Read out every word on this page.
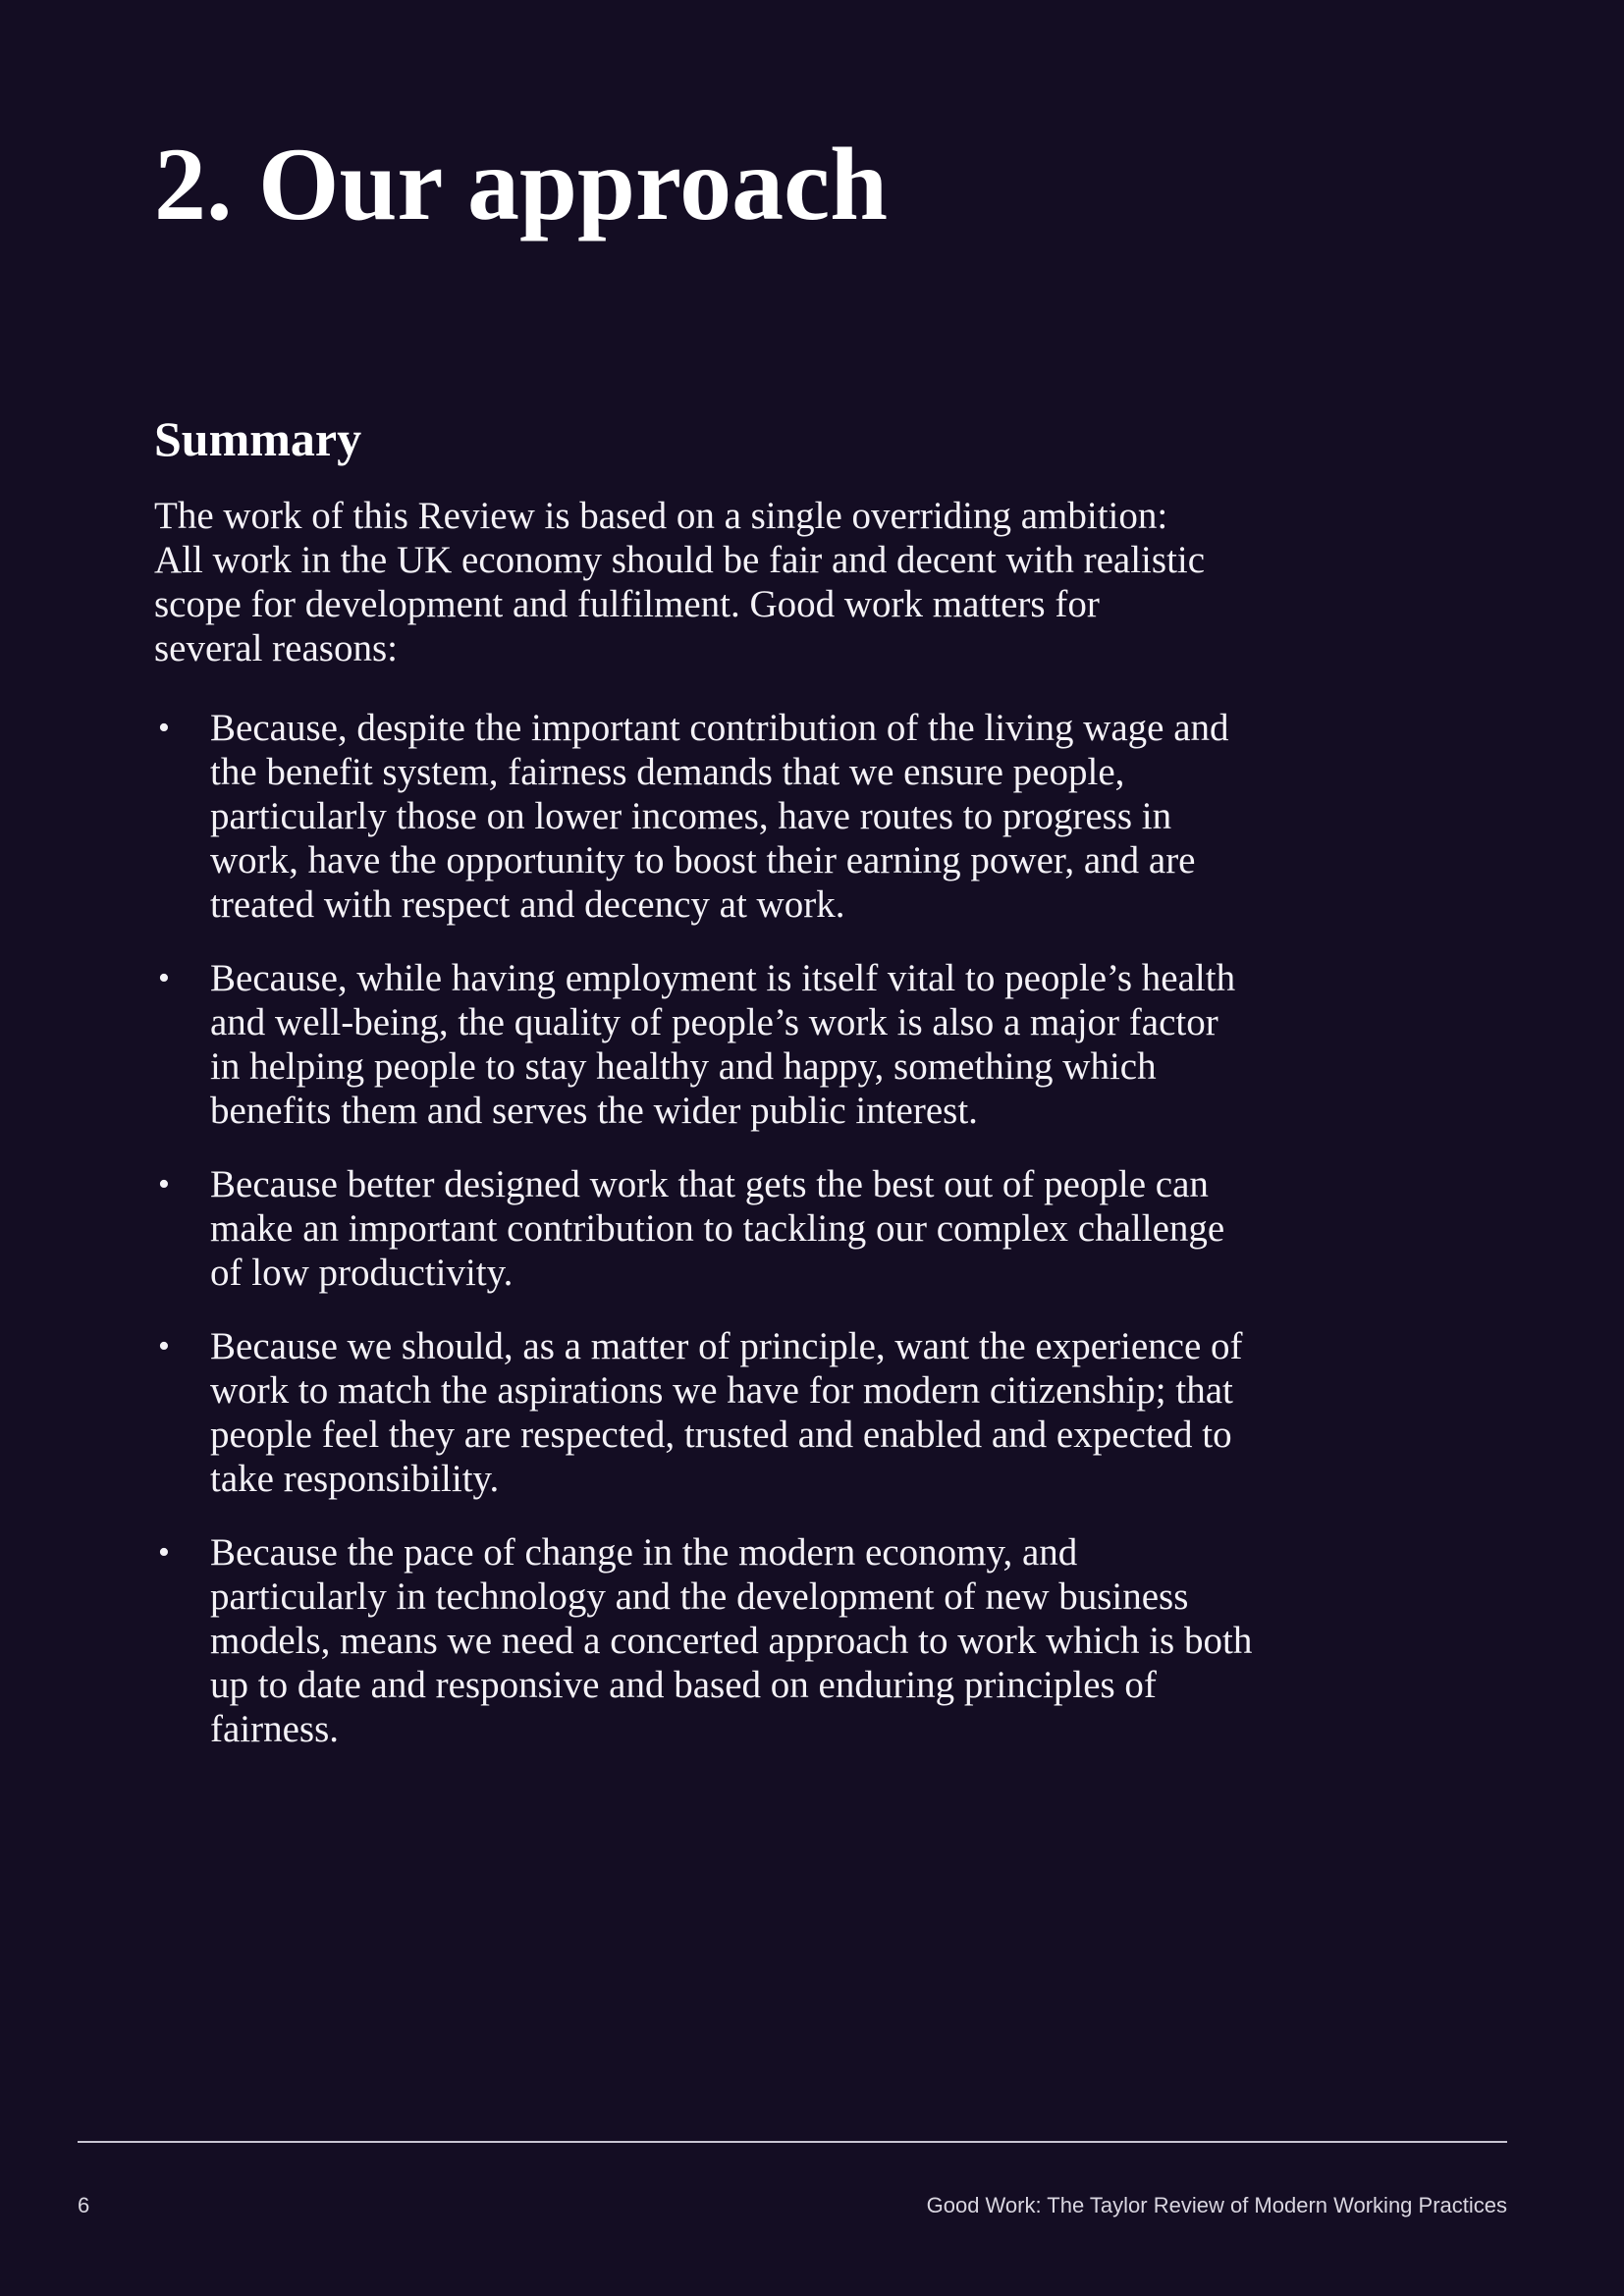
2. Our approach
Summary

The work of this Review is based on a single overriding ambition: All work in the UK economy should be fair and decent with realistic scope for development and fulfilment. Good work matters for several reasons:

• Because, despite the important contribution of the living wage and the benefit system, fairness demands that we ensure people, particularly those on lower incomes, have routes to progress in work, have the opportunity to boost their earning power, and are treated with respect and decency at work.
• Because, while having employment is itself vital to people’s health and well-being, the quality of people’s work is also a major factor in helping people to stay healthy and happy, something which benefits them and serves the wider public interest.
• Because better designed work that gets the best out of people can make an important contribution to tackling our complex challenge of low productivity.
• Because we should, as a matter of principle, want the experience of work to match the aspirations we have for modern citizenship; that people feel they are respected, trusted and enabled and expected to take responsibility.
• Because the pace of change in the modern economy, and particularly in technology and the development of new business models, means we need a concerted approach to work which is both up to date and responsive and based on enduring principles of fairness.
6	Good Work: The Taylor Review of Modern Working Practices
